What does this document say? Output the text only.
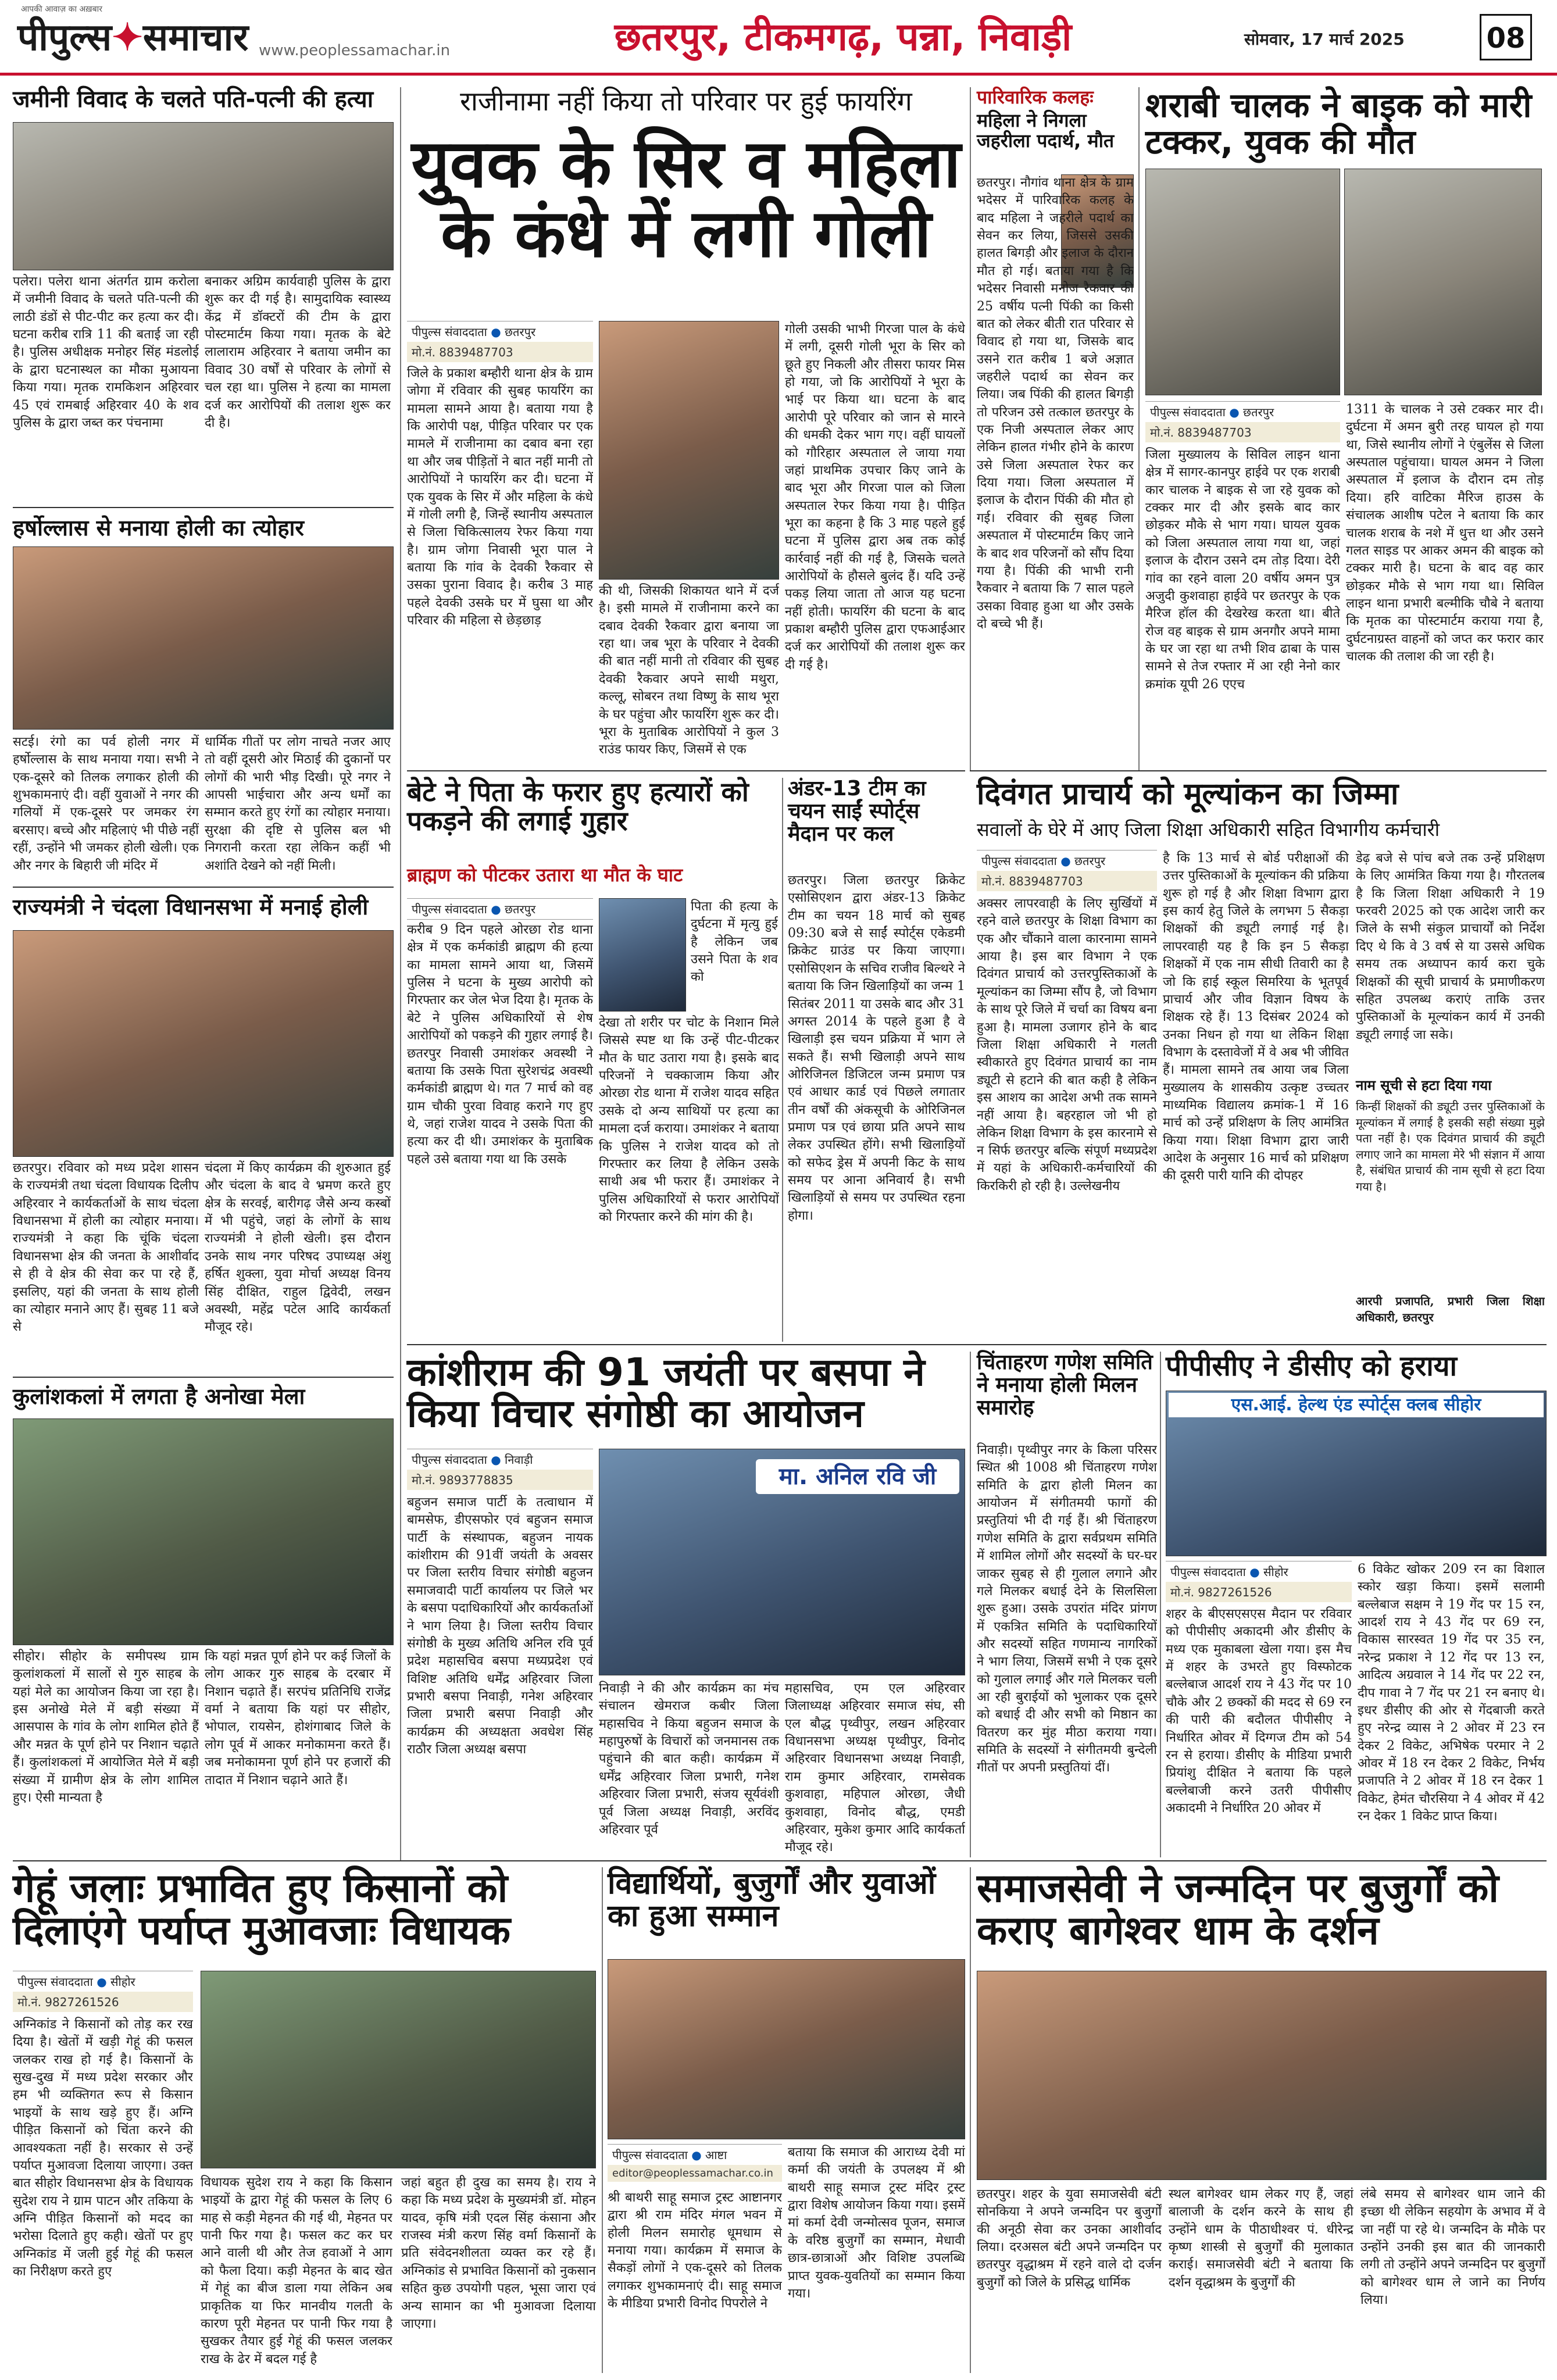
आपकी आवाज़ का अख़बार
पीपुल्स✦समाचार www.peoplessamachar.in	छतरपुर, टीकमगढ़, पन्ना, निवाड़ी	सोमवार, 17 मार्च 2025	08
जमीनी विवाद के चलते पति-पत्नी की हत्या
पलेरा। पलेरा थाना अंतर्गत ग्राम करोला में जमीनी विवाद के चलते पति-पत्नी की लाठी डंडों से पीट-पीट कर हत्या कर दी। घटना करीब रात्रि 11 की बताई जा रही है। पुलिस अधीक्षक मनोहर सिंह मंडलोई के द्वारा घटनास्थल का मौका मुआयना किया गया। मृतक रामकिशन अहिरवार 45 एवं रामबाई अहिरवार 40 के शव पुलिस के द्वारा जब्त कर पंचनामा
बनाकर अग्रिम कार्यवाही पुलिस के द्वारा शुरू कर दी गई है। सामुदायिक स्वास्थ्य केंद्र में डॉक्टरों की टीम के द्वारा पोस्टमार्टम किया गया। मृतक के बेटे लालाराम अहिरवार ने बताया जमीन का विवाद 30 वर्षों से परिवार के लोगों से चल रहा था। पुलिस ने हत्या का मामला दर्ज कर आरोपियों की तलाश शुरू कर दी है।
हर्षोल्लास से मनाया होली का त्योहार
सटई। रंगो का पर्व होली नगर में हर्षोल्लास के साथ मनाया गया। सभी ने एक-दूसरे को तिलक लगाकर होली की शुभकामनाएं दी। वहीं युवाओं ने नगर की गलियों में एक-दूसरे पर जमकर रंग बरसाए। बच्चे और महिलाएं भी पीछे नहीं रहीं, उन्होंने भी जमकर होली खेली। एक और नगर के बिहारी जी मंदिर में
धार्मिक गीतों पर लोग नाचते नजर आए तो वहीं दूसरी ओर मिठाई की दुकानों पर लोगों की भारी भीड़ दिखी। पूरे नगर ने आपसी भाईचारा और अन्य धर्मों का सम्मान करते हुए रंगों का त्योहार मनाया। सुरक्षा की दृष्टि से पुलिस बल भी निगरानी करता रहा लेकिन कहीं भी अशांति देखने को नहीं मिली।
राज्यमंत्री ने चंदला विधानसभा में मनाई होली
छतरपुर। रविवार को मध्य प्रदेश शासन के राज्यमंत्री तथा चंदला विधायक दिलीप अहिरवार ने कार्यकर्ताओं के साथ चंदला विधानसभा में होली का त्योहार मनाया। राज्यमंत्री ने कहा कि चूंकि चंदला विधानसभा क्षेत्र की जनता के आशीर्वाद से ही वे क्षेत्र की सेवा कर पा रहे हैं, इसलिए, यहां की जनता के साथ होली का त्योहार मनाने आए हैं। सुबह 11 बजे से
चंदला में किए कार्यक्रम की शुरुआत हुई और चंदला के बाद वे भ्रमण करते हुए क्षेत्र के सरवई, बारीगढ़ जैसे अन्य कस्बों में भी पहुंचे, जहां के लोगों के साथ राज्यमंत्री ने होली खेली। इस दौरान उनके साथ नगर परिषद उपाध्यक्ष अंशु हर्षित शुक्ला, युवा मोर्चा अध्यक्ष विनय सिंह दीक्षित, राहुल द्विवेदी, लखन अवस्थी, महेंद्र पटेल आदि कार्यकर्ता मौजूद रहे।
कुलांशकलां में लगता है अनोखा मेला
सीहोर। सीहोर के समीपस्थ ग्राम कुलांशकलां में सालों से गुरु साहब के यहां मेले का आयोजन किया जा रहा है। इस अनोखे मेले में बड़ी संख्या में आसपास के गांव के लोग शामिल होते हैं और मन्नत के पूर्ण होने पर निशान चढ़ाते हैं। कुलांशकलां में आयोजित मेले में बड़ी संख्या में ग्रामीण क्षेत्र के लोग शामिल हुए। ऐसी मान्यता है
कि यहां मन्नत पूर्ण होने पर कई जिलों के लोग आकर गुरु साहब के दरबार में निशान चढ़ाते हैं। सरपंच प्रतिनिधि राजेंद्र वर्मा ने बताया कि यहां पर सीहोर, भोपाल, रायसेन, होशंगाबाद जिले के लोग पूर्व में आकर मनोकामना करते हैं। जब मनोकामना पूर्ण होने पर हजारों की तादात में निशान चढ़ाने आते हैं।
राजीनामा नहीं किया तो परिवार पर हुई फायरिंग
युवक के सिर व महिला के कंधे में लगी गोली
पीपुल्स संवाददाता ● छतरपुर
मो.नं. 8839487703
जिले के प्रकाश बम्हौरी थाना क्षेत्र के ग्राम जोगा में रविवार की सुबह फायरिंग का मामला सामने आया है। बताया गया है कि आरोपी पक्ष, पीड़ित परिवार पर एक मामले में राजीनामा का दबाव बना रहा था और जब पीड़ितों ने बात नहीं मानी तो आरोपियों ने फायरिंग कर दी। घटना में एक युवक के सिर में और महिला के कंधे में गोली लगी है, जिन्हें स्थानीय अस्पताल से जिला चिकित्सालय रेफर किया गया है। ग्राम जोगा निवासी भूरा पाल ने बताया कि गांव के देवकी रैकवार से उसका पुराना विवाद है। करीब 3 माह पहले देवकी उसके घर में घुसा था और परिवार की महिला से छेड़छाड़
की थी, जिसकी शिकायत थाने में दर्ज है। इसी मामले में राजीनामा करने का दबाव देवकी रैकवार द्वारा बनाया जा रहा था। जब भूरा के परिवार ने देवकी की बात नहीं मानी तो रविवार की सुबह देवकी रैकवार अपने साथी मथुरा, कल्लू, सोबरन तथा विष्णु के साथ भूरा के घर पहुंचा और फायरिंग शुरू कर दी। भूरा के मुताबिक आरोपियों ने कुल 3 राउंड फायर किए, जिसमें से एक
गोली उसकी भाभी गिरजा पाल के कंधे में लगी, दूसरी गोली भूरा के सिर को छूते हुए निकली और तीसरा फायर मिस हो गया, जो कि आरोपियों ने भूरा के भाई पर किया था। घटना के बाद आरोपी पूरे परिवार को जान से मारने की धमकी देकर भाग गए। वहीं घायलों को गौरिहार अस्पताल ले जाया गया जहां प्राथमिक उपचार किए जाने के बाद भूरा और गिरजा पाल को जिला अस्पताल रेफर किया गया है। पीड़ित भूरा का कहना है कि 3 माह पहले हुई घटना में पुलिस द्वारा अब तक कोई कार्रवाई नहीं की गई है, जिसके चलते आरोपियों के हौसले बुलंद हैं। यदि उन्हें पकड़ लिया जाता तो आज यह घटना नहीं होती। फायरिंग की घटना के बाद प्रकाश बम्हौरी पुलिस द्वारा एफआईआर दर्ज कर आरोपियों की तलाश शुरू कर दी गई है।
पारिवारिक कलहः
महिला ने निगला जहरीला पदार्थ, मौत
छतरपुर। नौगांव थाना क्षेत्र के ग्राम भदेसर में पारिवारिक कलह के बाद महिला ने जहरीले पदार्थ का सेवन कर लिया, जिससे उसकी हालत बिगड़ी और इलाज के दौरान मौत हो गई। बताया गया है कि भदेसर निवासी मनोज रैकवार की 25 वर्षीय पत्नी पिंकी का किसी बात को लेकर बीती रात परिवार से विवाद हो गया था, जिसके बाद उसने रात करीब 1 बजे अज्ञात जहरीले पदार्थ का सेवन कर लिया। जब पिंकी की हालत बिगड़ी तो परिजन उसे तत्काल छतरपुर के एक निजी अस्पताल लेकर आए लेकिन हालत गंभीर होने के कारण उसे जिला अस्पताल रेफर कर दिया गया। जिला अस्पताल में इलाज के दौरान पिंकी की मौत हो गई। रविवार की सुबह जिला अस्पताल में पोस्टमार्टम किए जाने के बाद शव परिजनों को सौंप दिया गया है। पिंकी की भाभी रानी रैकवार ने बताया कि 7 साल पहले उसका विवाह हुआ था और उसके दो बच्चे भी हैं।
शराबी चालक ने बाइक को मारी टक्कर, युवक की मौत
पीपुल्स संवाददाता ● छतरपुर
मो.नं. 8839487703
जिला मुख्यालय के सिविल लाइन थाना क्षेत्र में सागर-कानपुर हाईवे पर एक शराबी कार चालक ने बाइक से जा रहे युवक को टक्कर मार दी और इसके बाद कार छोड़कर मौके से भाग गया। घायल युवक को जिला अस्पताल लाया गया था, जहां इलाज के दौरान उसने दम तोड़ दिया। देरी गांव का रहने वाला 20 वर्षीय अमन पुत्र अजुदी कुशवाहा हाईवे पर छतरपुर के एक मैरिज हॉल की देखरेख करता था। बीते रोज वह बाइक से ग्राम अनगौर अपने मामा के घर जा रहा था तभी शिव ढाबा के पास सामने से तेज रफ्तार में आ रही नेनो कार क्रमांक यूपी 26 एएच
1311 के चालक ने उसे टक्कर मार दी। दुर्घटना में अमन बुरी तरह घायल हो गया था, जिसे स्थानीय लोगों ने एंबुलेंस से जिला अस्पताल पहुंचाया। घायल अमन ने जिला अस्पताल में इलाज के दौरान दम तोड़ दिया। हरि वाटिका मैरिज हाउस के संचालक आशीष पटेल ने बताया कि कार चालक शराब के नशे में धुत्त था और उसने गलत साइड पर आकर अमन की बाइक को टक्कर मारी है। घटना के बाद वह कार छोड़कर मौके से भाग गया था। सिविल लाइन थाना प्रभारी बल्मीकि चौबे ने बताया कि मृतक का पोस्टमार्टम कराया गया है, दुर्घटनाग्रस्त वाहनों को जप्त कर फरार कार चालक की तलाश की जा रही है।
बेटे ने पिता के फरार हुए हत्यारों को पकड़ने की लगाई गुहार
ब्राह्मण को पीटकर उतारा था मौत के घाट
पीपुल्स संवाददाता ● छतरपुर
करीब 9 दिन पहले ओरछा रोड थाना क्षेत्र में एक कर्मकांडी ब्राह्मण की हत्या का मामला सामने आया था, जिसमें पुलिस ने घटना के मुख्य आरोपी को गिरफ्तार कर जेल भेज दिया है। मृतक के बेटे ने पुलिस अधिकारियों से शेष आरोपियों को पकड़ने की गुहार लगाई है। छतरपुर निवासी उमाशंकर अवस्थी ने बताया कि उसके पिता सुरेशचंद्र अवस्थी कर्मकांडी ब्राह्मण थे। गत 7 मार्च को वह ग्राम चौकी पुरवा विवाह कराने गए हुए थे, जहां राजेश यादव ने उसके पिता की हत्या कर दी थी। उमाशंकर के मुताबिक पहले उसे बताया गया था कि उसके
पिता की हत्या के दुर्घटना में मृत्यु हुई है लेकिन जब उसने पिता के शव को
देखा तो शरीर पर चोट के निशान मिले जिससे स्पष्ट था कि उन्हें पीट-पीटकर मौत के घाट उतारा गया है। इसके बाद परिजनों ने चक्काजाम किया और ओरछा रोड थाना में राजेश यादव सहित उसके दो अन्य साथियों पर हत्या का मामला दर्ज कराया। उमाशंकर ने बताया कि पुलिस ने राजेश यादव को तो गिरफ्तार कर लिया है लेकिन उसके साथी अब भी फरार हैं। उमाशंकर ने पुलिस अधिकारियों से फरार आरोपियों को गिरफ्तार करने की मांग की है।
अंडर-13 टीम का चयन साईं स्पोर्ट्स मैदान पर कल
छतरपुर। जिला छतरपुर क्रिकेट एसोसिएशन द्वारा अंडर-13 क्रिकेट टीम का चयन 18 मार्च को सुबह 09:30 बजे से साईं स्पोर्ट्स एकेडमी क्रिकेट ग्राउंड पर किया जाएगा। एसोसिएशन के सचिव राजीव बिल्थरे ने बताया कि जिन खिलाड़ियों का जन्म 1 सितंबर 2011 या उसके बाद और 31 अगस्त 2014 के पहले हुआ है वे खिलाड़ी इस चयन प्रक्रिया में भाग ले सकते हैं। सभी खिलाड़ी अपने साथ ओरिजिनल डिजिटल जन्म प्रमाण पत्र एवं आधार कार्ड एवं पिछले लगातार तीन वर्षों की अंकसूची के ओरिजिनल प्रमाण पत्र एवं छाया प्रति अपने साथ लेकर उपस्थित होंगे। सभी खिलाड़ियों को सफेद ड्रेस में अपनी किट के साथ समय पर आना अनिवार्य है। सभी खिलाड़ियों से समय पर उपस्थित रहना होगा।
दिवंगत प्राचार्य को मूल्यांकन का जिम्मा
सवालों के घेरे में आए जिला शिक्षा अधिकारी सहित विभागीय कर्मचारी
पीपुल्स संवाददाता ● छतरपुर
मो.नं. 8839487703
अक्सर लापरवाही के लिए सुर्खियों में रहने वाले छतरपुर के शिक्षा विभाग का एक और चौंकाने वाला कारनामा सामने आया है। इस बार विभाग ने एक दिवंगत प्राचार्य को उत्तरपुस्तिकाओं के मूल्यांकन का जिम्मा सौंप है, जो विभाग के साथ पूरे जिले में चर्चा का विषय बना हुआ है। मामला उजागर होने के बाद जिला शिक्षा अधिकारी ने गलती स्वीकारते हुए दिवंगत प्राचार्य का नाम ड्यूटी से हटाने की बात कही है लेकिन इस आशय का आदेश अभी तक सामने नहीं आया है। बहरहाल जो भी हो लेकिन शिक्षा विभाग के इस कारनामे से न सिर्फ छतरपुर बल्कि संपूर्ण मध्यप्रदेश में यहां के अधिकारी-कर्मचारियों की किरकिरी हो रही है। उल्लेखनीय
है कि 13 मार्च से बोर्ड परीक्षाओं की उत्तर पुस्तिकाओं के मूल्यांकन की प्रक्रिया शुरू हो गई है और शिक्षा विभाग द्वारा इस कार्य हेतु जिले के लगभग 5 सैकड़ा शिक्षकों की ड्यूटी लगाई गई है। लापरवाही यह है कि इन 5 सैकड़ा शिक्षकों में एक नाम सीधी तिवारी का है जो कि हाई स्कूल सिमरिया के भूतपूर्व प्राचार्य और जीव विज्ञान विषय के शिक्षक रहे हैं। 13 दिसंबर 2024 को उनका निधन हो गया था लेकिन शिक्षा विभाग के दस्तावेजों में वे अब भी जीवित हैं। मामला सामने तब आया जब जिला मुख्यालय के शासकीय उत्कृष्ट उच्चतर माध्यमिक विद्यालय क्रमांक-1 में 16 मार्च को उन्हें प्रशिक्षण के लिए आमंत्रित किया गया। शिक्षा विभाग द्वारा जारी आदेश के अनुसार 16 मार्च को प्रशिक्षण की दूसरी पारी यानि की दोपहर
डेढ़ बजे से पांच बजे तक उन्हें प्रशिक्षण के लिए आमंत्रित किया गया है। गौरतलब है कि जिला शिक्षा अधिकारी ने 19 फरवरी 2025 को एक आदेश जारी कर जिले के सभी संकुल प्राचार्यों को निर्देश दिए थे कि वे 3 वर्ष से या उससे अधिक समय तक अध्यापन कार्य करा चुके शिक्षकों की सूची प्राचार्य के प्रमाणीकरण सहित उपलब्ध कराएं ताकि उत्तर पुस्तिकाओं के मूल्यांकन कार्य में उनकी ड्यूटी लगाई जा सके।
नाम सूची से हटा दिया गया
किन्हीं शिक्षकों की ड्यूटी उत्तर पुस्तिकाओं के मूल्यांकन में लगाई है इसकी सही संख्या मुझे पता नहीं है। एक दिवंगत प्राचार्य की ड्यूटी लगाए जाने का मामला मेरे भी संज्ञान में आया है, संबंधित प्राचार्य की नाम सूची से हटा दिया गया है।
आरपी प्रजापति, प्रभारी जिला शिक्षा अधिकारी, छतरपुर
कांशीराम की 91 जयंती पर बसपा ने किया विचार संगोष्ठी का आयोजन
पीपुल्स संवाददाता ● निवाड़ी
मो.नं. 9893778835
बहुजन समाज पार्टी के तत्वाधान में बामसेफ, डीएसफोर एवं बहुजन समाज पार्टी के संस्थापक, बहुजन नायक कांशीराम की 91वीं जयंती के अवसर पर जिला स्तरीय विचार संगोष्ठी बहुजन समाजवादी पार्टी कार्यालय पर जिले भर के बसपा पदाधिकारियों और कार्यकर्ताओं ने भाग लिया है। जिला स्तरीय विचार संगोष्ठी के मुख्य अतिथि अनिल रवि पूर्व प्रदेश महासचिव बसपा मध्यप्रदेश एवं विशिष्ट अतिथि धर्मेंद्र अहिरवार जिला प्रभारी बसपा निवाड़ी, गनेश अहिरवार जिला प्रभारी बसपा निवाड़ी और कार्यक्रम की अध्यक्षता अवधेश सिंह राठौर जिला अध्यक्ष बसपा
मा. अनिल रवि जी
निवाड़ी ने की और कार्यक्रम का मंच संचालन खेमराज कबीर जिला महासचिव ने किया बहुजन समाज के महापुरुषों के विचारों को जनमानस तक पहुंचाने की बात कही। कार्यक्रम में धर्मेंद्र अहिरवार जिला प्रभारी, गनेश अहिरवार जिला प्रभारी, संजय सूर्यवंशी पूर्व जिला अध्यक्ष निवाड़ी, अरविंद अहिरवार पूर्व
महासचिव, एम एल अहिरवार जिलाध्यक्ष अहिरवार समाज संघ, सी एल बौद्ध पृथ्वीपुर, लखन अहिरवार विधानसभा अध्यक्ष पृथ्वीपुर, विनोद अहिरवार विधानसभा अध्यक्ष निवाड़ी, राम कुमार अहिरवार, रामसेवक कुशवाहा, महिपाल ओरछा, जैधी कुशवाहा, विनोद बौद्ध, एमडी अहिरवार, मुकेश कुमार आदि कार्यकर्ता मौजूद रहे।
चिंताहरण गणेश समिति ने मनाया होली मिलन समारोह
निवाड़ी। पृथ्वीपुर नगर के किला परिसर स्थित श्री 1008 श्री चिंताहरण गणेश समिति के द्वारा होली मिलन का आयोजन में संगीतमयी फागों की प्रस्तुतियां भी दी गई हैं। श्री चिंताहरण गणेश समिति के द्वारा सर्वप्रथम समिति में शामिल लोगों और सदस्यों के घर-घर जाकर सुबह से ही गुलाल लगाने और गले मिलकर बधाई देने के सिलसिला शुरू हुआ। उसके उपरांत मंदिर प्रांगण में एकत्रित समिति के पदाधिकारियों और सदस्यों सहित गणमान्य नागरिकों ने भाग लिया, जिसमें सभी ने एक दूसरे को गुलाल लगाई और गले मिलकर चली आ रही बुराईयों को भुलाकर एक दूसरे को बधाई दी और सभी को मिष्ठान का वितरण कर मुंह मीठा कराया गया। समिति के सदस्यों ने संगीतमयी बुन्देली गीतों पर अपनी प्रस्तुतियां दीं।
पीपीसीए ने डीसीए को हराया
एस.आई. हेल्थ एंड स्पोर्ट्स क्लब सीहोर
पीपुल्स संवाददाता ● सीहोर
मो.नं. 9827261526
शहर के बीएसएसएस मैदान पर रविवार को पीपीसीए अकादमी और डीसीए के मध्य एक मुकाबला खेला गया। इस मैच में शहर के उभरते हुए विस्फोटक बल्लेबाज आदर्श राय ने 43 गेंद पर 10 चौके और 2 छक्कों की मदद से 69 रन की पारी की बदौलत पीपीसीए ने निर्धारित ओवर में दिग्गज टीम को 54 रन से हराया। डीसीए के मीडिया प्रभारी प्रियांशु दीक्षित ने बताया कि पहले बल्लेबाजी करने उतरी पीपीसीए अकादमी ने निर्धारित 20 ओवर में
6 विकेट खोकर 209 रन का विशाल स्कोर खड़ा किया। इसमें सलामी बल्लेबाज सक्षम ने 19 गेंद पर 15 रन, आदर्श राय ने 43 गेंद पर 69 रन, विकास सारस्वत 19 गेंद पर 35 रन, नरेन्द्र प्रकाश ने 12 गेंद पर 13 रन, आदित्य अग्रवाल ने 14 गेंद पर 22 रन, दीप गावा ने 7 गेंद पर 21 रन बनाए थे। इधर डीसीए की ओर से गेंदबाजी करते हुए नरेन्द्र व्यास ने 2 ओवर में 23 रन देकर 2 विकेट, अभिषेक परमार ने 2 ओवर में 18 रन देकर 2 विकेट, निर्भय प्रजापति ने 2 ओवर में 18 रन देकर 1 विकेट, हेमंत चौरसिया ने 4 ओवर में 42 रन देकर 1 विकेट प्राप्त किया।
गेहूं जलाः प्रभावित हुए किसानों को दिलाएंगे पर्याप्त मुआवजाः विधायक
पीपुल्स संवाददाता ● सीहोर
मो.नं. 9827261526
अग्निकांड ने किसानों को तोड़ कर रख दिया है। खेतों में खड़ी गेहूं की फसल जलकर राख हो गई है। किसानों के सुख-दुख में मध्य प्रदेश सरकार और हम भी व्यक्तिगत रूप से किसान भाइयों के साथ खड़े हुए हैं। अग्नि पीड़ित किसानों को चिंता करने की आवश्यकता नहीं है। सरकार से उन्हें पर्याप्त मुआवजा दिलाया जाएगा। उक्त बात सीहोर विधानसभा क्षेत्र के विधायक सुदेश राय ने ग्राम पाटन और तकिया के अग्नि पीड़ित किसानों को मदद का भरोसा दिलाते हुए कही। खेतों पर हुए अग्निकांड में जली हुई गेहूं की फसल का निरीक्षण करते हुए
विधायक सुदेश राय ने कहा कि किसान भाइयों के द्वारा गेहूं की फसल के लिए 6 माह से कड़ी मेहनत की गई थी, मेहनत पर पानी फिर गया है। फसल कट कर घर आने वाली थी और तेज हवाओं ने आग को फैला दिया। कड़ी मेहनत के बाद खेत में गेहूं का बीज डाला गया लेकिन अब प्राकृतिक या फिर मानवीय गलती के कारण पूरी मेहनत पर पानी फिर गया है सुखकर तैयार हुई गेहूं की फसल जलकर राख के ढेर में बदल गई है
जहां बहुत ही दुख का समय है। राय ने कहा कि मध्य प्रदेश के मुख्यमंत्री डॉ. मोहन यादव, कृषि मंत्री एदल सिंह कंसाना और राजस्व मंत्री करण सिंह वर्मा किसानों के प्रति संवेदनशीलता व्यक्त कर रहे हैं। अग्निकांड से प्रभावित किसानों को नुकसान सहित कुछ उपयोगी पहल, भूसा जारा एवं अन्य सामान का भी मुआवजा दिलाया जाएगा।
विद्यार्थियों, बुजुर्गों और युवाओं का हुआ सम्मान
पीपुल्स संवाददाता ● आष्टा
editor@peoplessamachar.co.in
श्री बाथरी साहू समाज ट्रस्ट आष्टानगर द्वारा श्री राम मंदिर मंगल भवन में होली मिलन समारोह धूमधाम से मनाया गया। कार्यक्रम में समाज के सैकड़ों लोगों ने एक-दूसरे को तिलक लगाकर शुभकामनाएं दी। साहू समाज के मीडिया प्रभारी विनोद पिपरोले ने
बताया कि समाज की आराध्य देवी मां कर्मा की जयंती के उपलक्ष्य में श्री बाथरी साहू समाज ट्रस्ट मंदिर ट्रस्ट द्वारा विशेष आयोजन किया गया। इसमें मां कर्मा देवी जन्मोत्सव पूजन, समाज के वरिष्ठ बुजुर्गों का सम्मान, मेधावी छात्र-छात्राओं और विशिष्ट उपलब्धि प्राप्त युवक-युवतियों का सम्मान किया गया।
समाजसेवी ने जन्मदिन पर बुजुर्गों को कराए बागेश्वर धाम के दर्शन
छतरपुर। शहर के युवा समाजसेवी बंटी सोनकिया ने अपने जन्मदिन पर बुजुर्गों की अनूठी सेवा कर उनका आशीर्वाद लिया। दरअसल बंटी अपने जन्मदिन पर छतरपुर वृद्धाश्रम में रहने वाले दो दर्जन बुजुर्गों को जिले के प्रसिद्ध धार्मिक
स्थल बागेश्वर धाम लेकर गए हैं, जहां बालाजी के दर्शन करने के साथ ही उन्होंने धाम के पीठाधीश्वर पं. धीरेन्द्र कृष्ण शास्त्री से बुजुर्गों की मुलाकात कराई। समाजसेवी बंटी ने बताया कि दर्शन वृद्धाश्रम के बुजुर्गों की
लंबे समय से बागेश्वर धाम जाने की इच्छा थी लेकिन सहयोग के अभाव में वे जा नहीं पा रहे थे। जन्मदिन के मौके पर उन्होंने उनकी इस बात की जानकारी लगी तो उन्होंने अपने जन्मदिन पर बुजुर्गों को बागेश्वर धाम ले जाने का निर्णय लिया।
